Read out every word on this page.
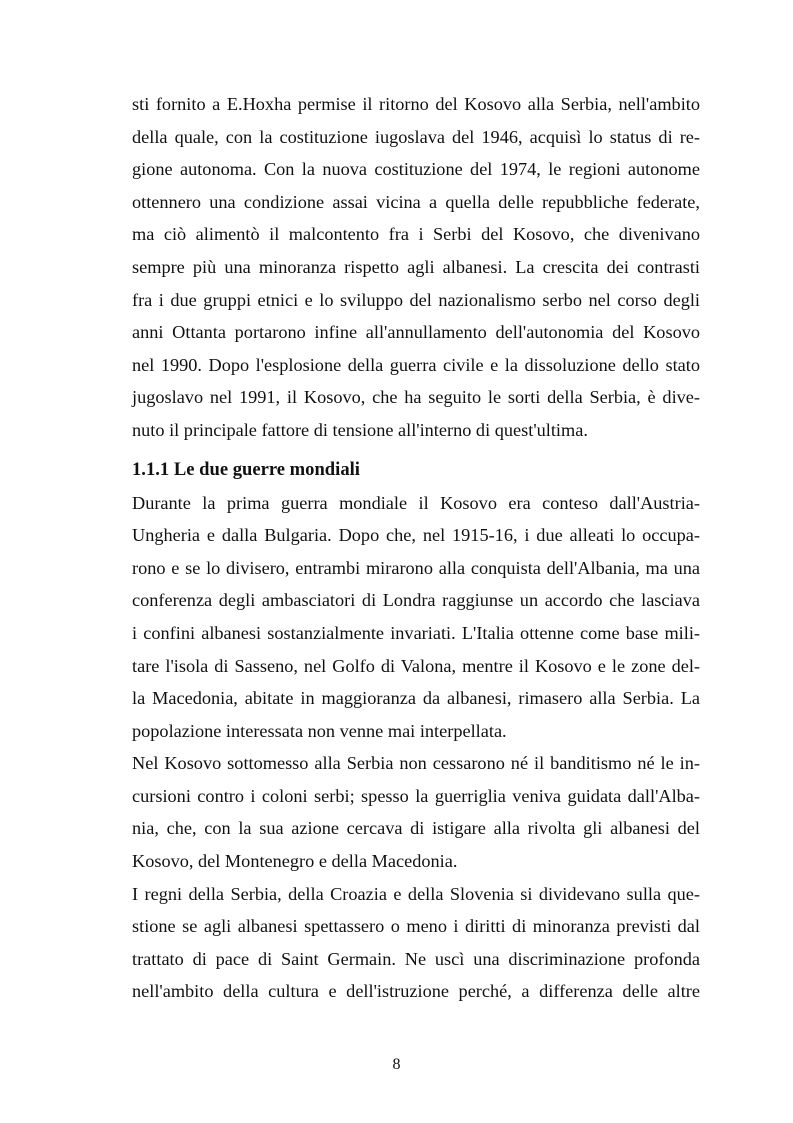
sti fornito a E.Hoxha permise il ritorno del Kosovo alla Serbia, nell'ambito
della quale, con la costituzione iugoslava del 1946, acquisì lo status di re-
gione autonoma. Con la nuova costituzione del 1974, le regioni autonome
ottennero una condizione assai vicina a quella delle repubbliche federate,
ma ciò alimentò il malcontento fra i Serbi del Kosovo, che divenivano
sempre più una minoranza rispetto agli albanesi. La crescita dei contrasti
fra i due gruppi etnici e lo sviluppo del nazionalismo serbo nel corso degli
anni Ottanta portarono infine all'annullamento dell'autonomia del Kosovo
nel 1990. Dopo l'esplosione della guerra civile e la dissoluzione dello stato
jugoslavo nel 1991, il Kosovo, che ha seguito le sorti della Serbia, è dive-
nuto il principale fattore di tensione all'interno di quest'ultima.
1.1.1 Le due guerre mondiali
Durante la prima guerra mondiale il Kosovo era conteso dall'Austria-
Ungheria e dalla Bulgaria. Dopo che, nel 1915-16, i due alleati lo occupa-
rono e se lo divisero, entrambi mirarono alla conquista dell'Albania, ma una
conferenza degli ambasciatori di Londra raggiunse un accordo che lasciava
i confini albanesi sostanzialmente invariati. L'Italia ottenne come base mili-
tare l'isola di Sasseno, nel Golfo di Valona, mentre il Kosovo e le zone del-
la Macedonia, abitate in maggioranza da albanesi, rimasero alla Serbia. La
popolazione interessata non venne mai interpellata.
Nel Kosovo sottomesso alla Serbia non cessarono né il banditismo né le in-
cursioni contro i coloni serbi; spesso la guerriglia veniva guidata dall'Alba-
nia, che, con la sua azione cercava di istigare alla rivolta gli albanesi del
Kosovo, del Montenegro e della Macedonia.
I regni della Serbia, della Croazia e della Slovenia si dividevano sulla que-
stione se agli albanesi spettassero o meno i diritti di minoranza previsti dal
trattato di pace di Saint Germain. Ne uscì una discriminazione profonda
nell'ambito della cultura e dell'istruzione perché, a differenza delle altre
8
